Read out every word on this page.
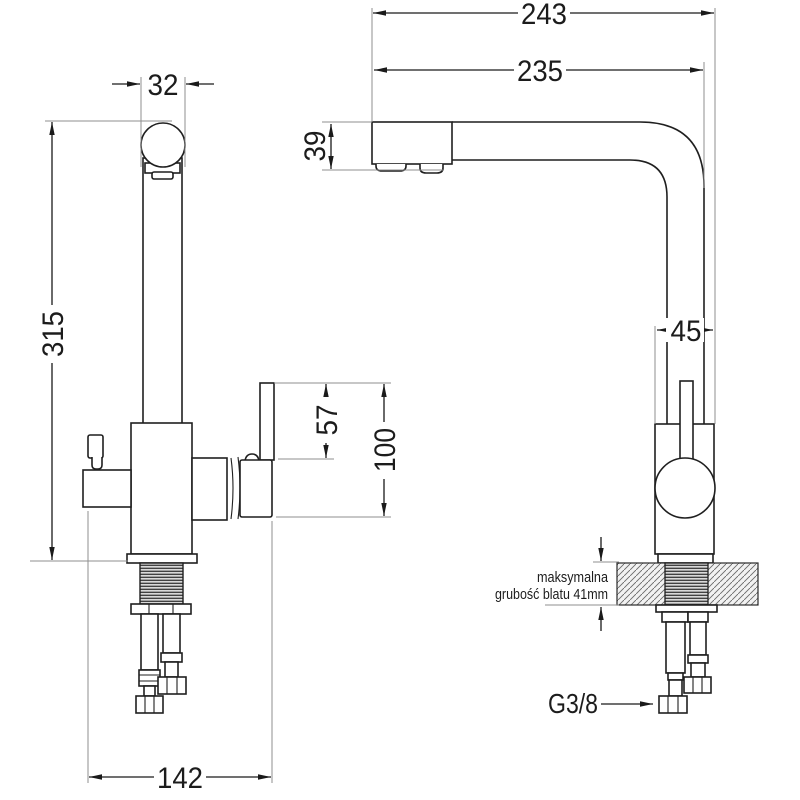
243
235
32
39
315	45
57
100
142
maksymalna
grubość blatu 41mm
G3/8
